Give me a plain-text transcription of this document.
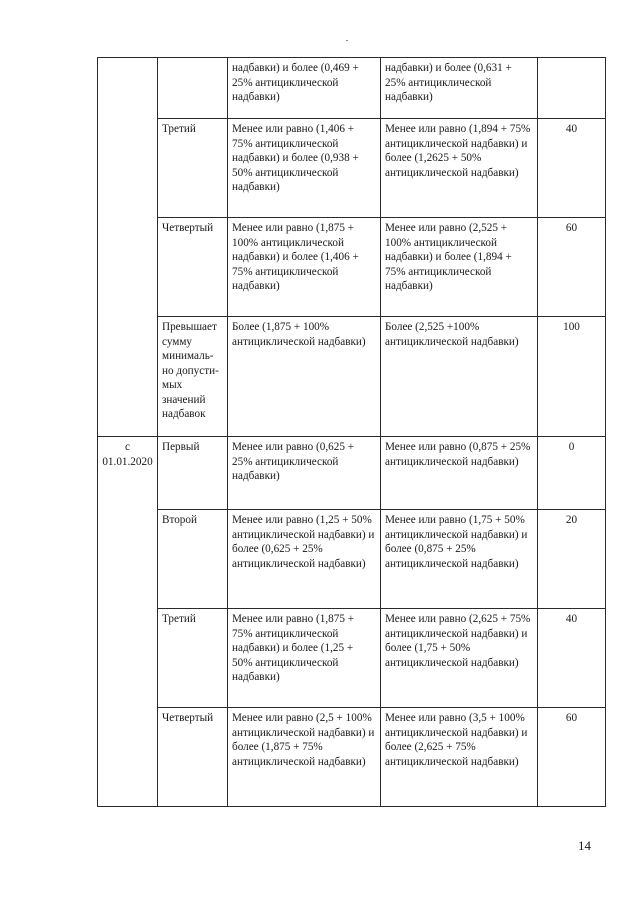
		надбавки) и более (0,469 + 25% антициклической надбавки)	надбавки) и более (0,631 + 25% антициклической надбавки)	
	Третий	Менее или равно (1,406 + 75% антициклической надбавки) и более (0,938 + 50% антициклической надбавки)	Менее или равно (1,894 + 75% антициклической надбавки) и более (1,2625 + 50% антициклической надбавки)	40
	Четвертый	Менее или равно (1,875 + 100% антициклической надбавки) и более (1,406 + 75% антициклической надбавки)	Менее или равно (2,525 + 100% антициклической надбавки) и более (1,894 + 75% антициклической надбавки)	60
	Превышает сумму минималь-но допусти-мых значений надбавок	Более (1,875 + 100% антициклической надбавки)	Более (2,525 +100% антициклической надбавки)	100
с 01.01.2020	Первый	Менее или равно (0,625 + 25% антициклической надбавки)	Менее или равно (0,875 + 25% антициклической надбавки)	0
	Второй	Менее или равно (1,25 + 50% антициклической надбавки) и более (0,625 + 25% антициклической надбавки)	Менее или равно (1,75 + 50% антициклической надбавки) и более (0,875 + 25% антициклической надбавки)	20
	Третий	Менее или равно (1,875 + 75% антициклической надбавки) и более (1,25 + 50% антициклической надбавки)	Менее или равно (2,625 + 75% антициклической надбавки) и более (1,75 + 50% антициклической надбавки)	40
	Четвертый	Менее или равно (2,5 + 100% антициклической надбавки) и более (1,875 + 75% антициклической надбавки)	Менее или равно (3,5 + 100% антициклической надбавки) и более (2,625 + 75% антициклической надбавки)	60
14
